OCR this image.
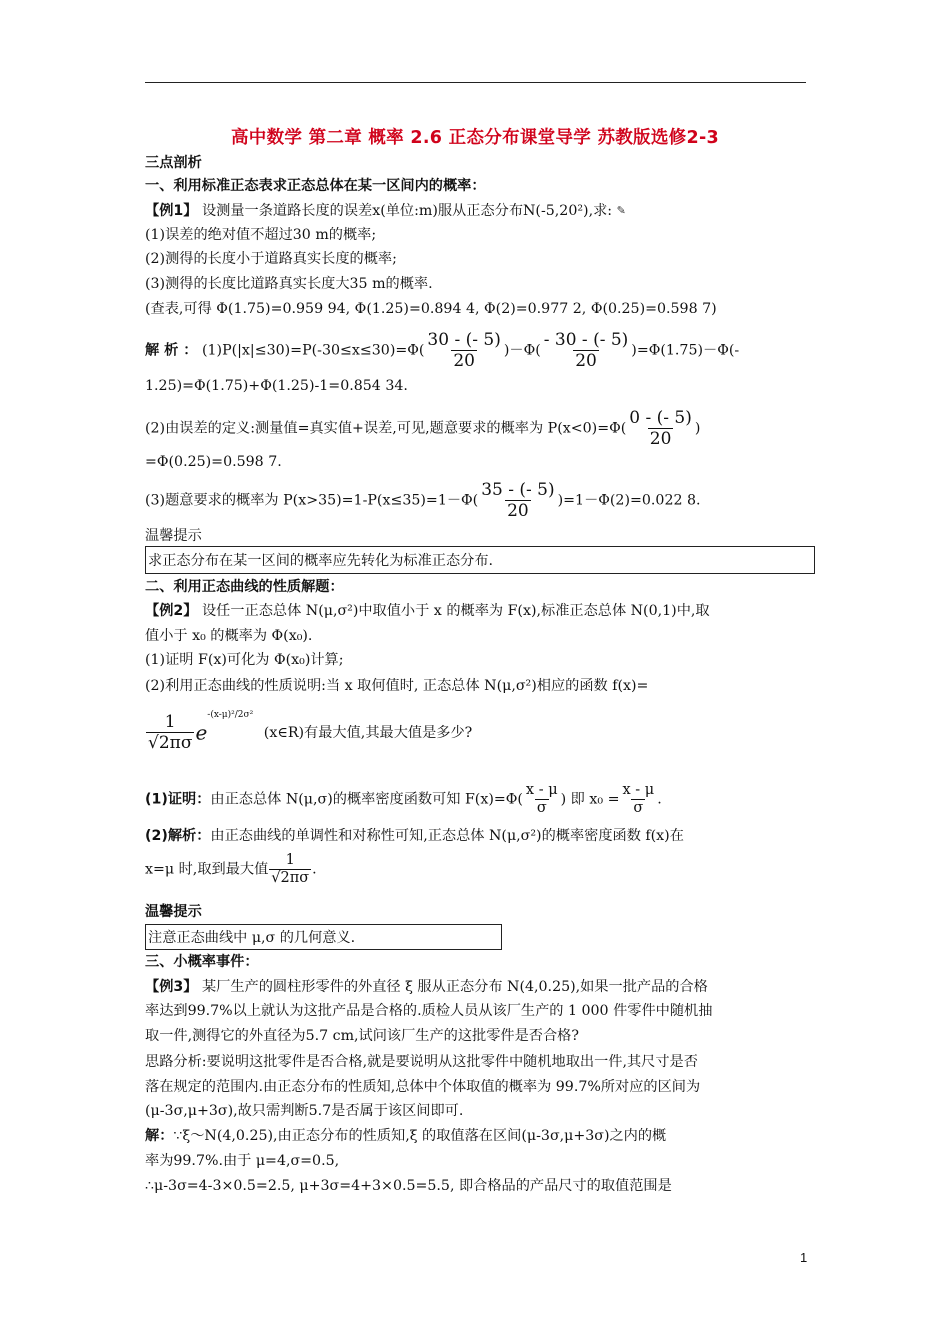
高中数学 第二章 概率 2.6 正态分布课堂导学 苏教版选修2-3
三点剖析
一、利用标准正态表求正态总体在某一区间内的概率：
【例1】 设测量一条道路长度的误差x(单位:m)服从正态分布N(-5,20²),求: ✎
(1)误差的绝对值不超过30 m的概率;
(2)测得的长度小于道路真实长度的概率;
(3)测得的长度比道路真实长度大35 m的概率.
(查表,可得 Φ(1.75)=0.959 94, Φ(1.25)=0.894 4, Φ(2)=0.977 2, Φ(0.25)=0.598 7)
解 析 ： $(1)P(|x|\le 30)=P(-30\le x\le 30)=\Phi( \frac{30 - (- 5)}{20} )-\Phi( \frac{- 30 - (- 5)}{20} )=\Phi(1.75)-\Phi(-$
1.25)=Φ(1.75)+Φ(1.25)-1=0.854 34.
(2)由误差的定义:测量值=真实值+误差,可见,题意要求的概率为 $P(x<0)=\Phi( \frac{0 - (- 5)}{20}$ )
=Φ(0.25)=0.598 7.
(3)题意要求的概率为 $P(x>35)=1-P(x\le 35)=1-\Phi( \frac{35 - (- 5)}{20} )=1-\Phi(2)=0.022$ 8.
温馨提示
求正态分布在某一区间的概率应先转化为标准正态分布.
二、利用正态曲线的性质解题：
【例2】 设任一正态总体 N(μ,σ²)中取值小于 x 的概率为 F(x),标准正态总体 N(0,1)中,取
值小于 x₀ 的概率为 Φ(x₀).
(1)证明 F(x)可化为 Φ(x₀)计算;
(2)利用正态曲线的性质说明:当 x 取何值时, 正态总体 N(μ,σ²)相应的函数 f(x)=
$\frac{1}{√2\pi\sigma} e^{-(x-\mu)^2/2\sigma^2}$ (x∈R)有最大值,其最大值是多少?
(1)证明：由正态总体 N(μ,σ)的概率密度函数可知 $F(x)=\Phi( \frac{x - \mu}{\sigma}$ ) 即 $x_0 = \frac{x - \mu}{\sigma}$ .
(2)解析：由正态曲线的单调性和对称性可知,正态总体 N(μ,σ²)的概率密度函数 f(x)在
x=μ 时,取到最大值 $\frac{1}{√2\pi\sigma}$ .
温馨提示
注意正态曲线中 μ,σ 的几何意义.
三、小概率事件：
【例3】 某厂生产的圆柱形零件的外直径 ξ 服从正态分布 N(4,0.25),如果一批产品的合格
率达到99.7%以上就认为这批产品是合格的.质检人员从该厂生产的 1 000 件零件中随机抽
取一件,测得它的外直径为5.7 cm,试问该厂生产的这批零件是否合格?
思路分析:要说明这批零件是否合格,就是要说明从这批零件中随机地取出一件,其尺寸是否
落在规定的范围内.由正态分布的性质知,总体中个体取值的概率为 99.7%所对应的区间为
(μ-3σ,μ+3σ),故只需判断5.7是否属于该区间即可.
解：∵ξ～N(4,0.25),由正态分布的性质知,ξ 的取值落在区间(μ-3σ,μ+3σ)之内的概
率为99.7%.由于 μ=4,σ=0.5,
∴μ-3σ=4-3×0.5=2.5, μ+3σ=4+3×0.5=5.5, 即合格品的产品尺寸的取值范围是
1
